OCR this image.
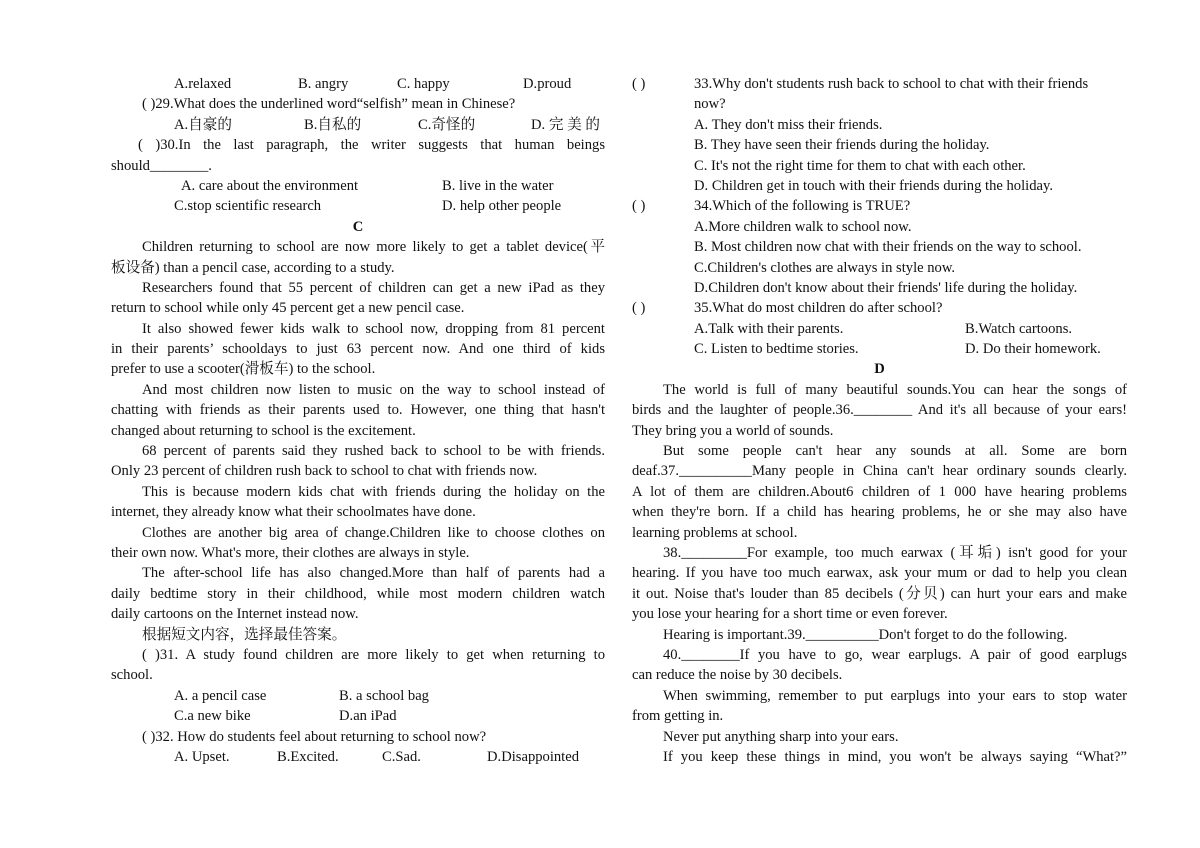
A.relaxed	B. angry	C. happy	D.proud
( )29.What does the underlined word“selfish” mean in Chinese?
A.自豪的	B.自私的	C.奇怪的	D. 完 美 的
( )30.In the last paragraph, the writer suggests that human beings
should________.
A. care about the environment	B. live in the water
C.stop scientific research	D. help other people
C
Children returning to school are now more likely to get a tablet device(平
板设备) than a pencil case, according to a study.
Researchers found that 55 percent of children can get a new iPad as they
return to school while only 45 percent get a new pencil case.
It also showed fewer kids walk to school now, dropping from 81 percent
in their parents’ schooldays to just 63 percent now. And one third of kids
prefer to use a scooter(滑板车) to the school.
And most children now listen to music on the way to school instead of
chatting with friends as their parents used to. However, one thing that hasn't
changed about returning to school is the excitement.
68 percent of parents said they rushed back to school to be with friends.
Only 23 percent of children rush back to school to chat with friends now.
This is because modern kids chat with friends during the holiday on the
internet, they already know what their schoolmates have done.
Clothes are another big area of change.Children like to choose clothes on
their own now. What's more, their clothes are always in style.
The after-school life has also changed.More than half of parents had a
daily bedtime story in their childhood, while most modern children watch
daily cartoons on the Internet instead now.
根据短文内容，选择最佳答案。
( )31. A study found children are more likely to get when returning to
school.
A. a pencil case	B. a school bag
C.a new bike	D.an iPad
( )32. How do students feel about returning to school now?
A. Upset.	B.Excited.	C.Sad.	D.Disappointed
( )	33.Why don't students rush back to school to chat with their friends
now?
A. They don't miss their friends.
B. They have seen their friends during the holiday.
C. It's not the right time for them to chat with each other.
D. Children get in touch with their friends during the holiday.
( )	34.Which of the following is TRUE?
A.More children walk to school now.
B. Most children now chat with their friends on the way to school.
C.Children's clothes are always in style now.
D.Children don't know about their friends' life during the holiday.
( )	35.What do most children do after school?
A.Talk with their parents.	B.Watch cartoons.
C. Listen to bedtime stories.	D. Do their homework.
D
The world is full of many beautiful sounds.You can hear the songs of
birds and the laughter of people.36.________ And it's all because of your ears!
They bring you a world of sounds.
But some people can't hear any sounds at all. Some are born
deaf.37.__________Many people in China can't hear ordinary sounds clearly.
A lot of them are children.About6 children of 1 000 have hearing problems
when they're born. If a child has hearing problems, he or she may also have
learning problems at school.
38._________For example, too much earwax (耳垢) isn't good for your
hearing. If you have too much earwax, ask your mum or dad to help you clean
it out. Noise that's louder than 85 decibels (分贝) can hurt your ears and make
you lose your hearing for a short time or even forever.
Hearing is important.39.__________Don't forget to do the following.
40.________If you have to go, wear earplugs. A pair of good earplugs
can reduce the noise by 30 decibels.
When swimming, remember to put earplugs into your ears to stop water
from getting in.
Never put anything sharp into your ears.
If you keep these things in mind, you won't be always saying “What?”
